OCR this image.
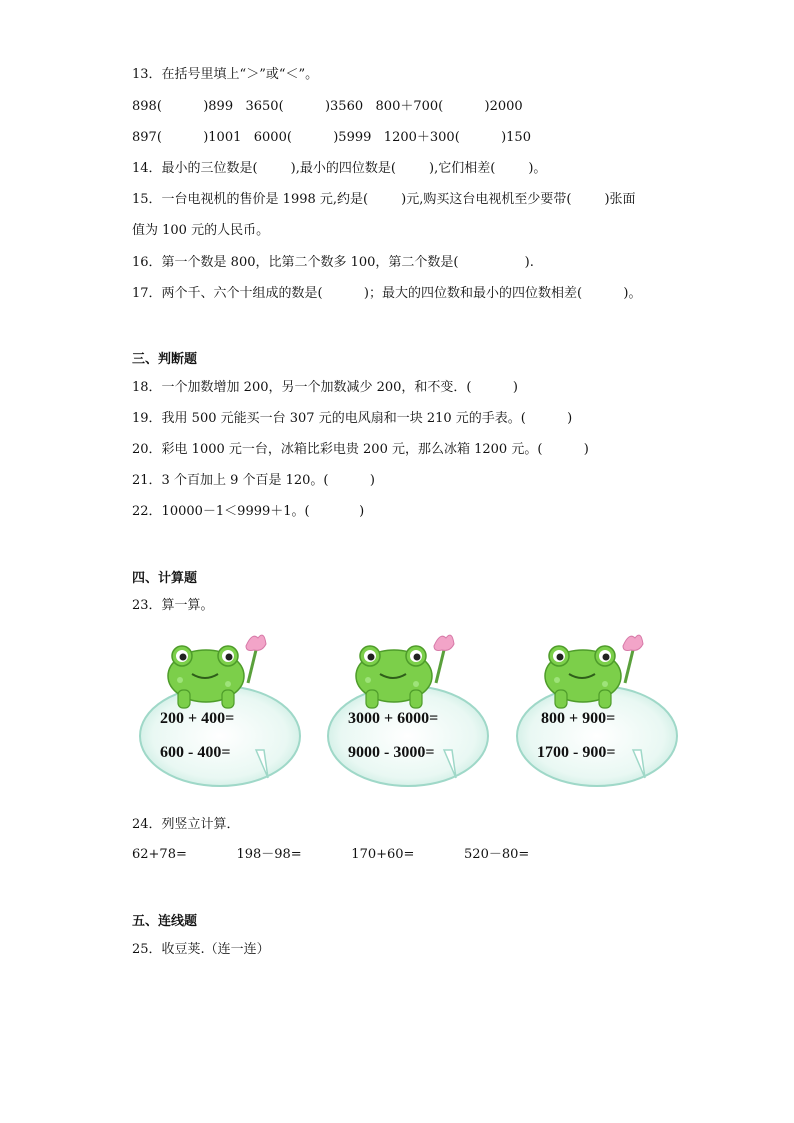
13．在括号里填上“＞”或“＜”。
898(          )899   3650(          )3560   800＋700(          )2000
897(          )1001   6000(          )5999   1200＋300(          )150
14．最小的三位数是(        ),最小的四位数是(        ),它们相差(        )。
15．一台电视机的售价是 1998 元,约是(        )元,购买这台电视机至少要带(        )张面
值为 100 元的人民币。
16．第一个数是 800，比第二个数多 100，第二个数是(                ).
17．两个千、六个十组成的数是(          )；最大的四位数和最小的四位数相差(          )。
三、判断题
18．一个加数增加 200，另一个加数减少 200，和不变．(          )
19．我用 500 元能买一台 307 元的电风扇和一块 210 元的手表。(          )
20．彩电 1000 元一台，冰箱比彩电贵 200 元，那么冰箱 1200 元。(          )
21．3 个百加上 9 个百是 120。(          )
22．10000－1＜9999＋1。(            )
四、计算题
23．算一算。
200 + 400=
600 - 400=
3000 + 6000=
9000 - 3000=
800 + 900=
1700 - 900=
24．列竖立计算．
62+78=            198－98=            170+60=            520－80=
五、连线题
25．收豆荚.（连一连）
